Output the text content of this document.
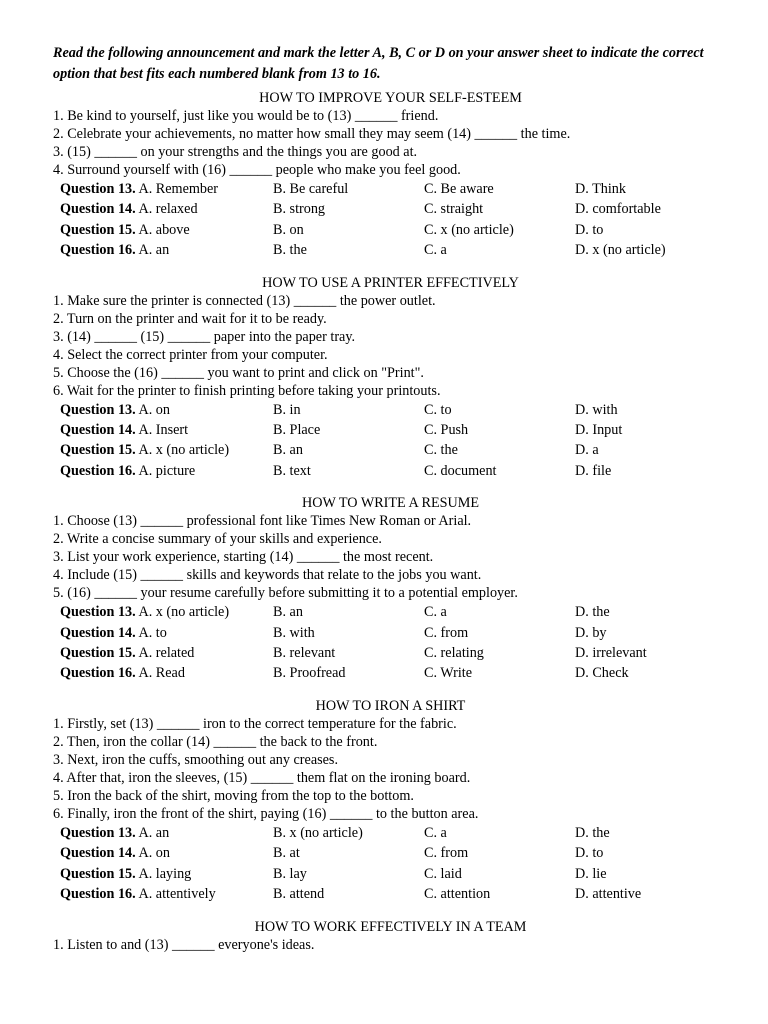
Read the following announcement and mark the letter A, B, C or D on your answer sheet to indicate the correct option that best fits each numbered blank from 13 to 16.

HOW TO IMPROVE YOUR SELF-ESTEEM
1. Be kind to yourself, just like you would be to (13) ______ friend.
2. Celebrate your achievements, no matter how small they may seem (14) ______ the time.
3. (15) ______ on your strengths and the things you are good at.
4. Surround yourself with (16) ______ people who make you feel good.
Question 13. A. Remember	B. Be careful	C. Be aware	D. Think
Question 14. A. relaxed	B. strong	C. straight	D. comfortable
Question 15. A. above	B. on	C. x (no article)	D. to
Question 16. A. an	B. the	C. a	D. x (no article)
HOW TO USE A PRINTER EFFECTIVELY
1. Make sure the printer is connected (13) ______ the power outlet.
2. Turn on the printer and wait for it to be ready.
3. (14) ______ (15) ______ paper into the paper tray.
4. Select the correct printer from your computer.
5. Choose the (16) ______ you want to print and click on "Print".
6. Wait for the printer to finish printing before taking your printouts.
Question 13. A. on	B. in	C. to	D. with
Question 14. A. Insert	B. Place	C. Push	D. Input
Question 15. A. x (no article)	B. an	C. the	D. a
Question 16. A. picture	B. text	C. document	D. file
HOW TO WRITE A RESUME
1. Choose (13) ______ professional font like Times New Roman or Arial.
2. Write a concise summary of your skills and experience.
3. List your work experience, starting (14) ______ the most recent.
4. Include (15) ______ skills and keywords that relate to the jobs you want.
5. (16) ______ your resume carefully before submitting it to a potential employer.
Question 13. A. x (no article)	B. an	C. a	D. the
Question 14. A. to	B. with	C. from	D. by
Question 15. A. related	B. relevant	C. relating	D. irrelevant
Question 16. A. Read	B. Proofread	C. Write	D. Check
HOW TO IRON A SHIRT
1. Firstly, set (13) ______ iron to the correct temperature for the fabric.
2. Then, iron the collar (14) ______ the back to the front.
3. Next, iron the cuffs, smoothing out any creases.
4. After that, iron the sleeves, (15) ______ them flat on the ironing board.
5. Iron the back of the shirt, moving from the top to the bottom.
6. Finally, iron the front of the shirt, paying (16) ______ to the button area.
Question 13. A. an	B. x (no article)	C. a	D. the
Question 14. A. on	B. at	C. from	D. to
Question 15. A. laying	B. lay	C. laid	D. lie
Question 16. A. attentively	B. attend	C. attention	D. attentive
HOW TO WORK EFFECTIVELY IN A TEAM
1. Listen to and (13) ______ everyone's ideas.
